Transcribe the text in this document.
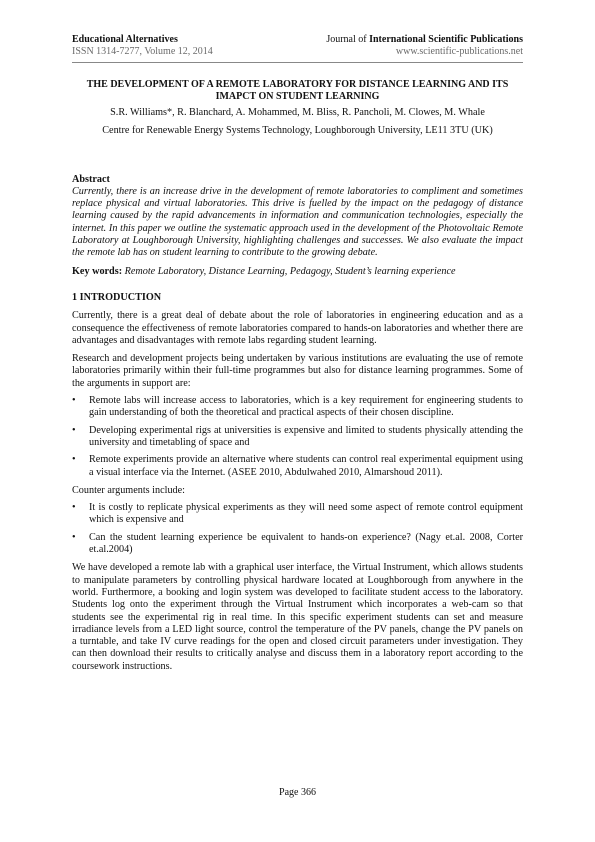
Educational Alternatives
ISSN 1314-7277, Volume 12, 2014
Journal of International Scientific Publications
www.scientific-publications.net
THE DEVELOPMENT OF A REMOTE LABORATORY FOR DISTANCE LEARNING AND ITS IMAPCT ON STUDENT LEARNING
S.R. Williams*, R. Blanchard, A. Mohammed, M. Bliss, R. Pancholi, M. Clowes, M. Whale
Centre for Renewable Energy Systems Technology, Loughborough University, LE11 3TU (UK)
Abstract
Currently, there is an increase drive in the development of remote laboratories to compliment and sometimes replace physical and virtual laboratories. This drive is fuelled by the impact on the pedagogy of distance learning caused by the rapid advancements in information and communication technologies, especially the internet. In this paper we outline the systematic approach used in the development of the Photovoltaic Remote Laboratory at Loughborough University, highlighting challenges and successes. We also evaluate the impact the remote lab has on student learning to contribute to the growing debate.
Key words: Remote Laboratory, Distance Learning, Pedagogy, Student’s learning experience
1 INTRODUCTION

Currently, there is a great deal of debate about the role of laboratories in engineering education and as a consequence the effectiveness of remote laboratories compared to hands-on laboratories and whether there are advantages and disadvantages with remote labs regarding student learning.

Research and development projects being undertaken by various institutions are evaluating the use of remote laboratories primarily within their full-time programmes but also for distance learning programmes. Some of the arguments in support are:

• Remote labs will increase access to laboratories, which is a key requirement for engineering students to gain understanding of both the theoretical and practical aspects of their chosen discipline.
• Developing experimental rigs at universities is expensive and limited to students physically attending the university and timetabling of space and
• Remote experiments provide an alternative where students can control real experimental equipment using a visual interface via the Internet. (ASEE 2010, Abdulwahed 2010, Almarshoud 2011).

Counter arguments include:

• It is costly to replicate physical experiments as they will need some aspect of remote control equipment which is expensive and
• Can the student learning experience be equivalent to hands-on experience? (Nagy et.al. 2008, Corter et.al.2004)

We have developed a remote lab with a graphical user interface, the Virtual Instrument, which allows students to manipulate parameters by controlling physical hardware located at Loughborough from anywhere in the world. Furthermore, a booking and login system was developed to facilitate student access to the laboratory. Students log onto the experiment through the Virtual Instrument which incorporates a web-cam so that students see the experimental rig in real time. In this specific experiment students can set and measure irradiance levels from a LED light source, control the temperature of the PV panels, change the PV panels on a turntable, and take IV curve readings for the open and closed circuit parameters under investigation. They can then download their results to critically analyse and discuss them in a laboratory report according to the coursework instructions.

Page 366
